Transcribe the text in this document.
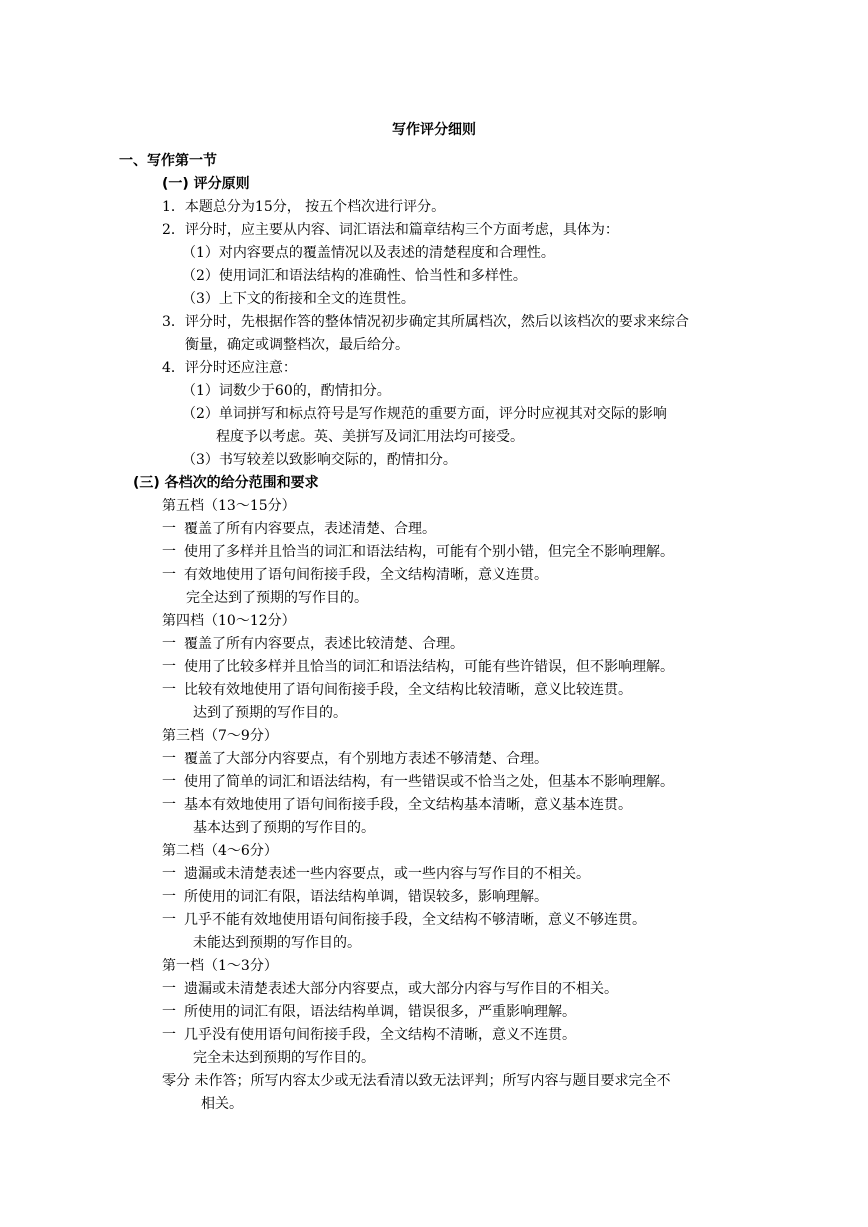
写作评分细则
一、写作第一节
(一) 评分原则
1．本题总分为15分， 按五个档次进行评分。
2．评分时，应主要从内容、词汇语法和篇章结构三个方面考虑，具体为：
（1）对内容要点的覆盖情况以及表述的清楚程度和合理性。
（2）使用词汇和语法结构的准确性、恰当性和多样性。
（3）上下文的衔接和全文的连贯性。
3．评分时，先根据作答的整体情况初步确定其所属档次，然后以该档次的要求来综合
衡量，确定或调整档次，最后给分。
4．评分时还应注意：
（1）词数少于60的，酌情扣分。
（2）单词拼写和标点符号是写作规范的重要方面，评分时应视其对交际的影响
程度予以考虑。英、美拼写及词汇用法均可接受。
（3）书写较差以致影响交际的，酌情扣分。
(三) 各档次的给分范围和要求
第五档（13～15分）
一 覆盖了所有内容要点，表述清楚、合理。
一 使用了多样并且恰当的词汇和语法结构，可能有个别小错，但完全不影响理解。
一 有效地使用了语句间衔接手段，全文结构清晰，意义连贯。
完全达到了预期的写作目的。
第四档（10～12分）
一 覆盖了所有内容要点，表述比较清楚、合理。
一 使用了比较多样并且恰当的词汇和语法结构，可能有些许错误，但不影响理解。
一 比较有效地使用了语句间衔接手段，全文结构比较清晰，意义比较连贯。
达到了预期的写作目的。
第三档（7～9分）
一 覆盖了大部分内容要点，有个别地方表述不够清楚、合理。
一 使用了简单的词汇和语法结构，有一些错误或不恰当之处，但基本不影响理解。
一 基本有效地使用了语句间衔接手段，全文结构基本清晰，意义基本连贯。
基本达到了预期的写作目的。
第二档（4～6分）
一 遗漏或未清楚表述一些内容要点，或一些内容与写作目的不相关。
一 所使用的词汇有限，语法结构单调，错误较多，影响理解。
一 几乎不能有效地使用语句间衔接手段，全文结构不够清晰，意义不够连贯。
未能达到预期的写作目的。
第一档（1～3分）
一 遗漏或未清楚表述大部分内容要点，或大部分内容与写作目的不相关。
一 所使用的词汇有限，语法结构单调，错误很多，严重影响理解。
一 几乎没有使用语句间衔接手段，全文结构不清晰，意义不连贯。
完全未达到预期的写作目的。
零分 未作答；所写内容太少或无法看清以致无法评判；所写内容与题目要求完全不
相关。
